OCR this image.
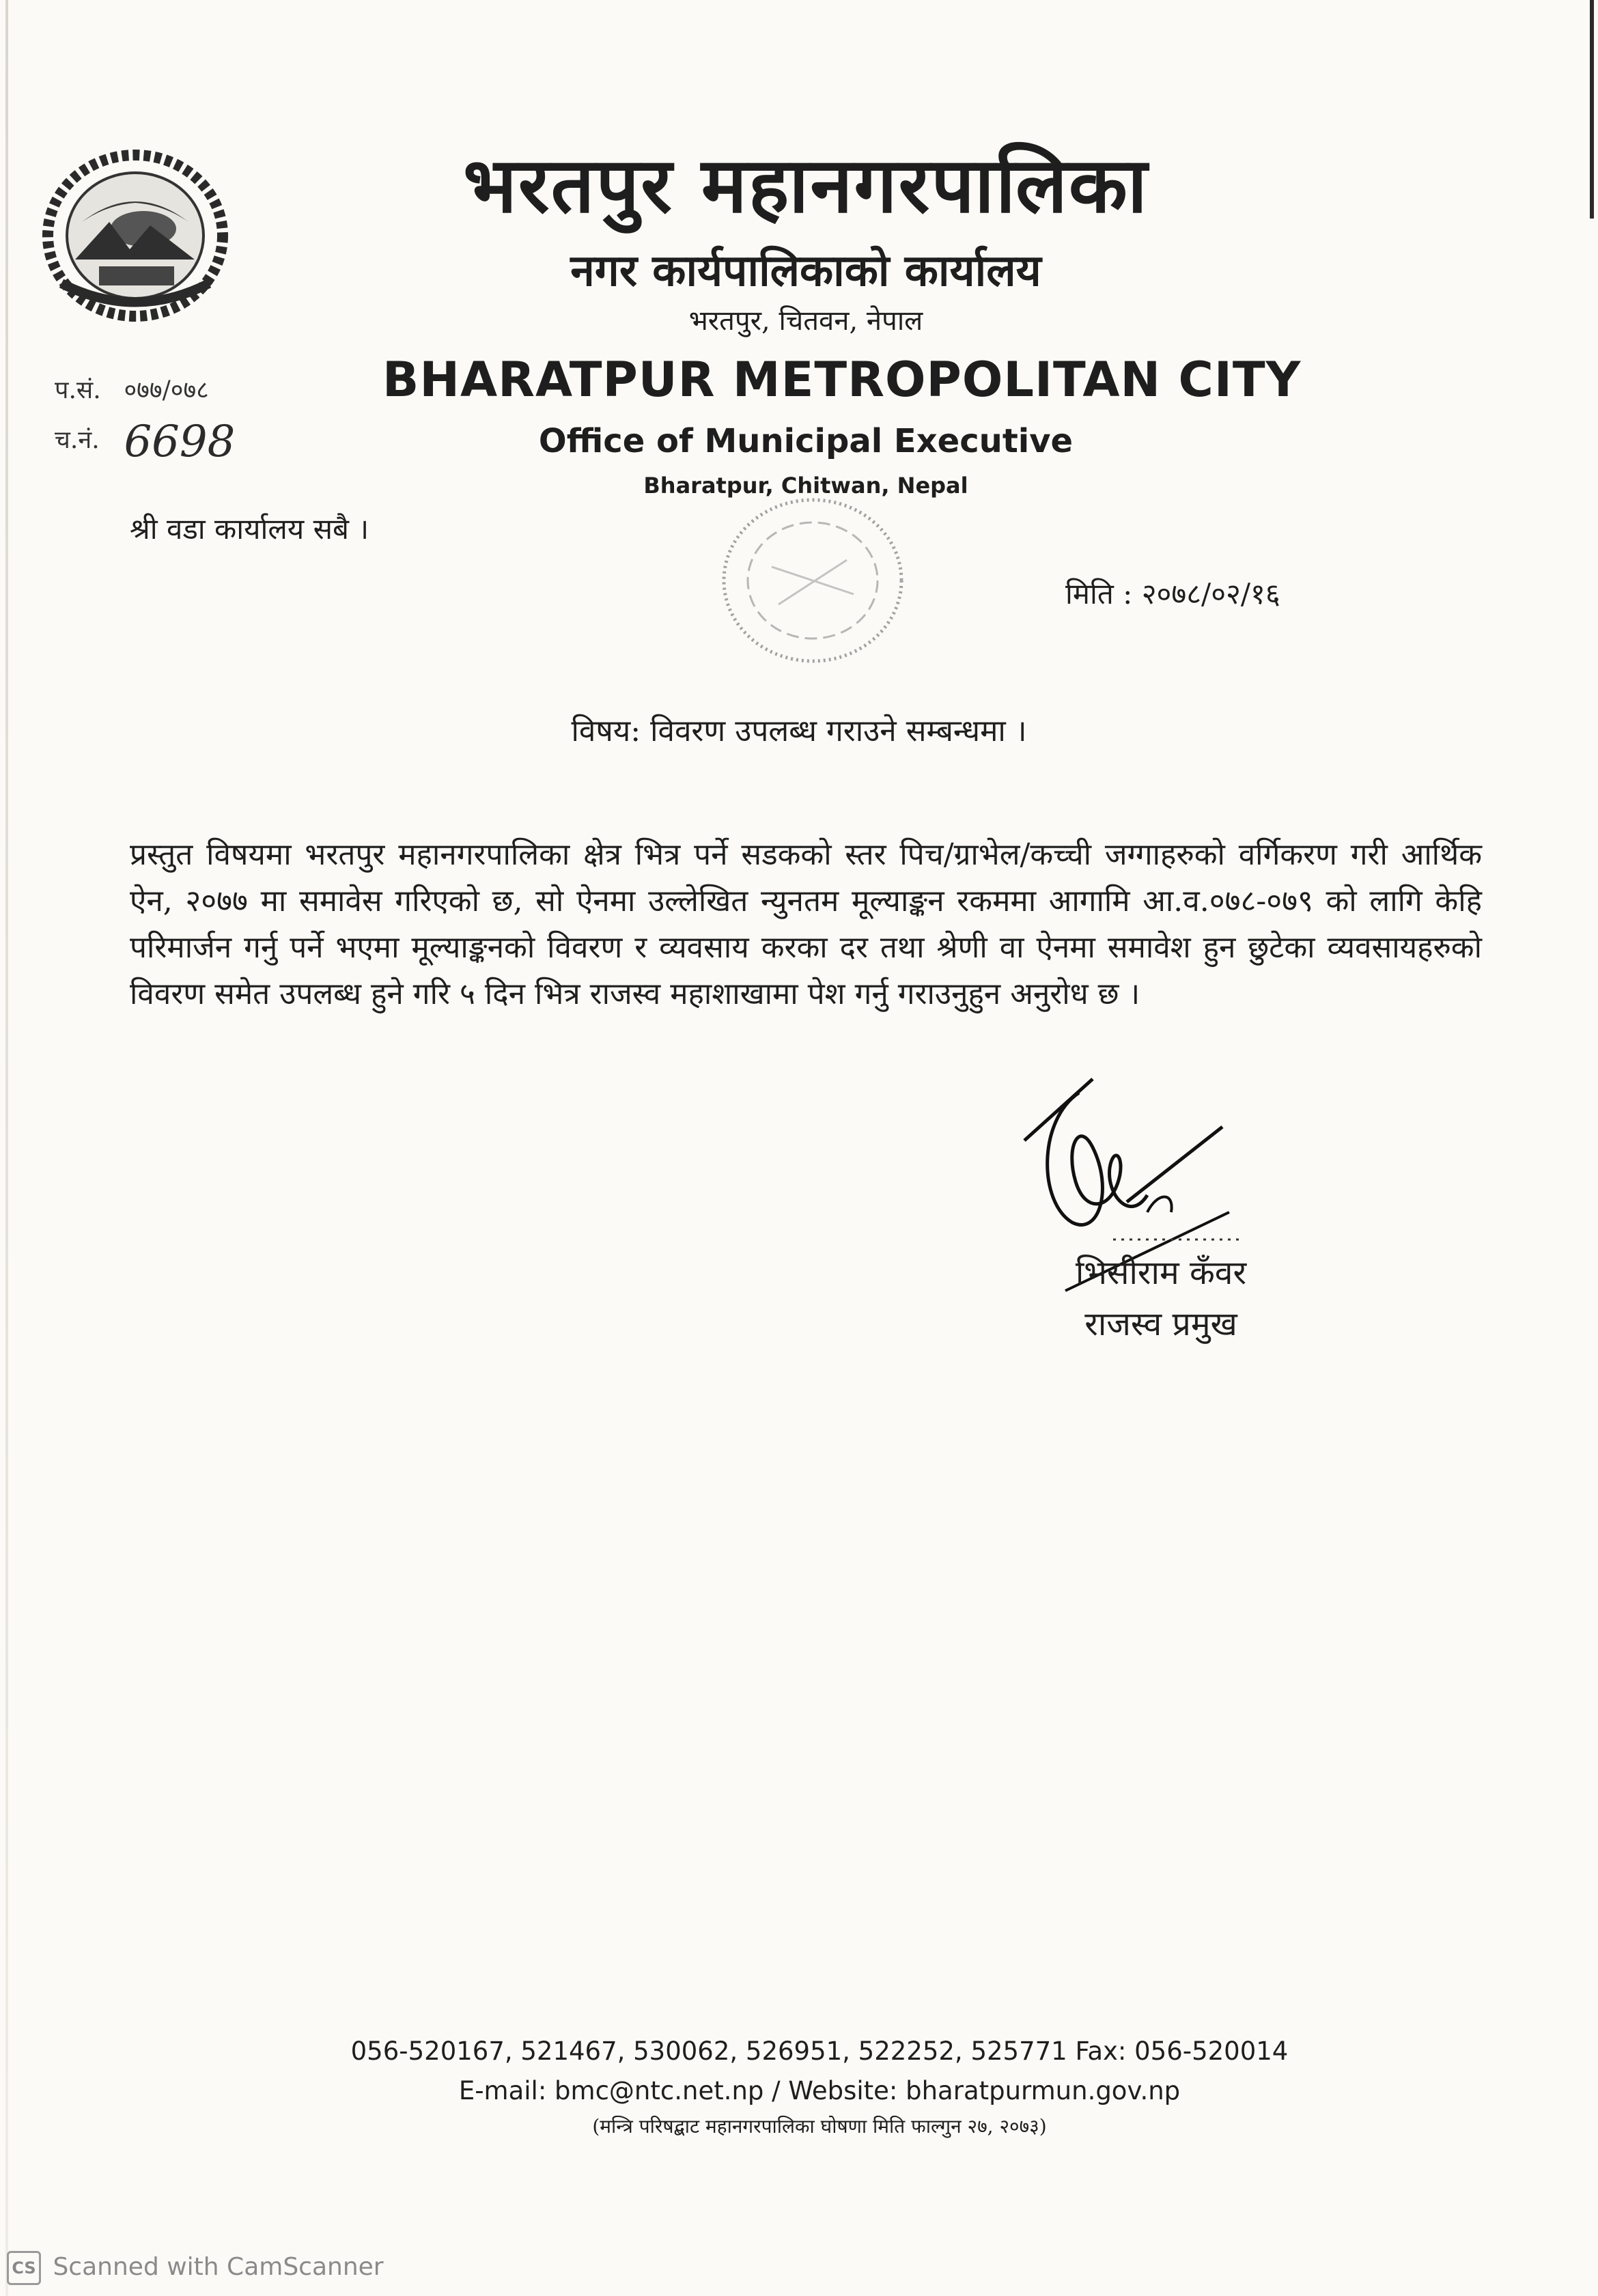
भरतपुर महानगरपालिका
नगर कार्यपालिकाको कार्यालय
भरतपुर, चितवन, नेपाल
BHARATPUR METROPOLITAN CITY
Office of Municipal Executive
Bharatpur, Chitwan, Nepal
प.सं. ०७७/०७८
च.नं. 6698
श्री वडा कार्यालय सबै ।
मिति : २०७८/०२/१६
विषय: विवरण उपलब्ध गराउने सम्बन्धमा ।
प्रस्तुत विषयमा भरतपुर महानगरपालिका क्षेत्र भित्र पर्ने सडकको स्तर पिच/ग्राभेल/कच्ची जग्गाहरुको वर्गिकरण गरी आर्थिक ऐन, २०७७ मा समावेस गरिएको छ, सो ऐनमा उल्लेखित न्युनतम मूल्याङ्कन रकममा आगामि आ.व.०७८-०७९ को लागि केहि परिमार्जन गर्नु पर्ने भएमा मूल्याङ्कनको विवरण र व्यवसाय करका दर तथा श्रेणी वा ऐनमा समावेश हुन छुटेका व्यवसायहरुको विवरण समेत उपलब्ध हुने गरि ५ दिन भित्र राजस्व महाशाखामा पेश गर्नु गराउनुहुन अनुरोध छ ।
भिसीराम कँवर
राजस्व प्रमुख
056-520167, 521467, 530062, 526951, 522252, 525771 Fax: 056-520014
E-mail: bmc@ntc.net.np / Website: bharatpurmun.gov.np
(मन्त्रि परिषद्बाट महानगरपालिका घोषणा मिति फाल्गुन २७, २०७३)
CS Scanned with CamScanner
